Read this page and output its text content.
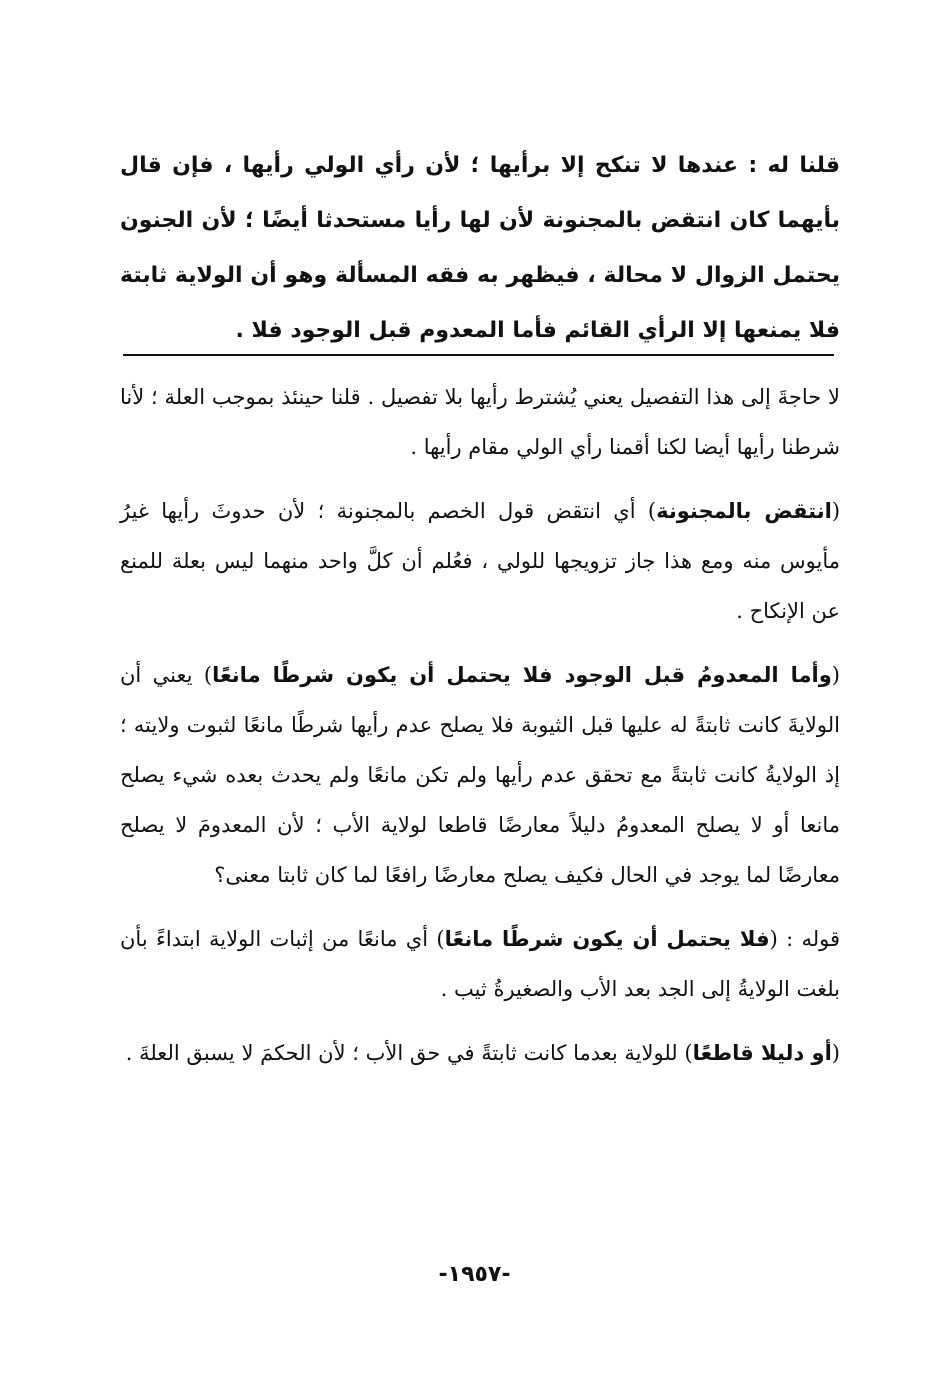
قلنا له : عندها لا تنكح إلا برأيها ؛ لأن رأي الولي رأيها ، فإن قال بأيهما كان انتقض بالمجنونة لأن لها رأيا مستحدثا أيضًا ؛ لأن الجنون يحتمل الزوال لا محالة ، فيظهر به فقه المسألة وهو أن الولاية ثابتة فلا يمنعها إلا الرأي القائم فأما المعدوم قبل الوجود فلا .

لا حاجةَ إلى هذا التفصيل يعني يُشترط رأيها بلا تفصيل . قلنا حينئذ بموجب العلة ؛ لأنا شرطنا رأيها أيضا لكنا أقمنا رأي الولي مقام رأيها .

(انتقض بالمجنونة) أي انتقض قول الخصم بالمجنونة ؛ لأن حدوثَ رأيها غيرُ مأيوس منه ومع هذا جاز تزويجها للولي ، فعُلم أن كلَّ واحد منهما ليس بعلة للمنع عن الإنكاح .

(وأما المعدومُ قبل الوجود فلا يحتمل أن يكون شرطًا مانعًا) يعني أن الولايةَ كانت ثابتةً له عليها قبل الثيوبة فلا يصلح عدم رأيها شرطًا مانعًا لثبوت ولايته ؛ إذ الولايةُ كانت ثابتةً مع تحقق عدم رأيها ولم تكن مانعًا ولم يحدث بعده شيء يصلح مانعا أو لا يصلح المعدومُ دليلاً معارضًا قاطعا لولاية الأب ؛ لأن المعدومَ لا يصلح معارضًا لما يوجد في الحال فكيف يصلح معارضًا رافعًا لما كان ثابتا معنى؟

قوله : (فلا يحتمل أن يكون شرطًا مانعًا) أي مانعًا من إثبات الولاية ابتداءً بأن بلغت الولايةُ إلى الجد بعد الأب والصغيرةُ ثيب .

(أو دليلا قاطعًا) للولاية بعدما كانت ثابتةً في حق الأب ؛ لأن الحكمَ لا يسبق العلةَ .

-١٩٥٧-
